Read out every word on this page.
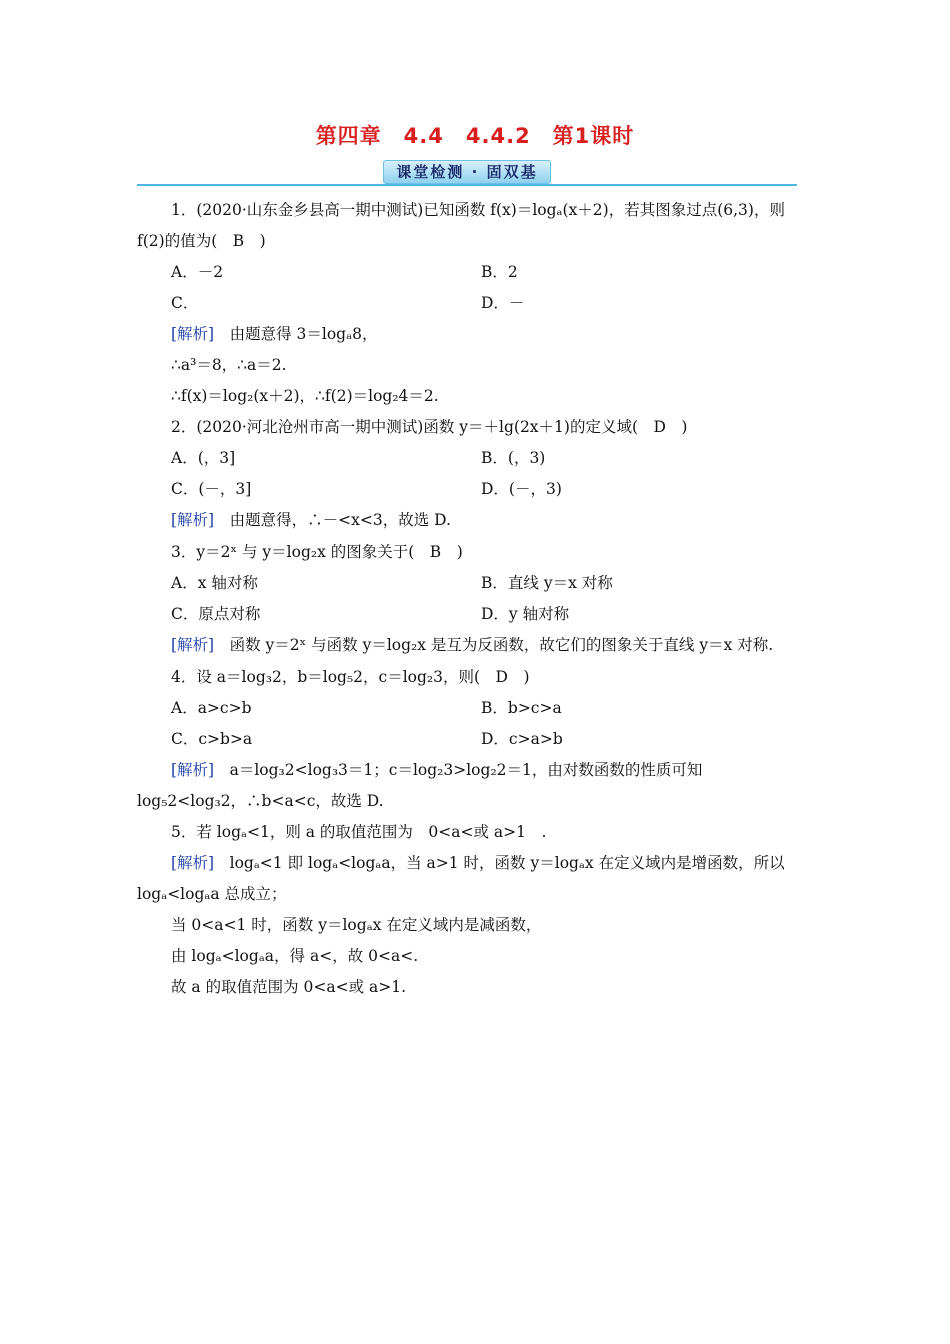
第四章　4.4　4.4.2　第1课时
课堂检测 · 固双基
1．(2020·山东金乡县高一期中测试)已知函数 f(x)＝logₐ(x＋2)，若其图象过点(6,3)，则
f(2)的值为(　B　)
A．－2	B．2
C．	D．－
[解析]　由题意得 3＝logₐ8，
∴a³＝8，∴a＝2.
∴f(x)＝log₂(x＋2)，∴f(2)＝log₂4＝2.
2．(2020·河北沧州市高一期中测试)函数 y＝＋lg(2x＋1)的定义域(　D　)
A．(，3]	B．(，3)
C．(－，3]	D．(－，3)
[解析]　由题意得，∴－<x<3，故选 D.
3．y＝2ˣ 与 y＝log₂x 的图象关于(　B　)
A．x 轴对称	B．直线 y＝x 对称
C．原点对称	D．y 轴对称
[解析]　函数 y＝2ˣ 与函数 y＝log₂x 是互为反函数，故它们的图象关于直线 y＝x 对称.
4．设 a＝log₃2，b＝log₅2，c＝log₂3，则(　D　)
A．a>c>b	B．b>c>a
C．c>b>a	D．c>a>b
[解析]　a＝log₃2<log₃3＝1；c＝log₂3>log₂2＝1，由对数函数的性质可知
log₅2<log₃2，∴b<a<c，故选 D.
5．若 logₐ<1，则 a 的取值范围为　0<a<或 a>1　.
[解析]　logₐ<1 即 logₐ<logₐa，当 a>1 时，函数 y＝logₐx 在定义域内是增函数，所以
logₐ<logₐa 总成立；
当 0<a<1 时，函数 y＝logₐx 在定义域内是减函数，
由 logₐ<logₐa，得 a<，故 0<a<.
故 a 的取值范围为 0<a<或 a>1.
